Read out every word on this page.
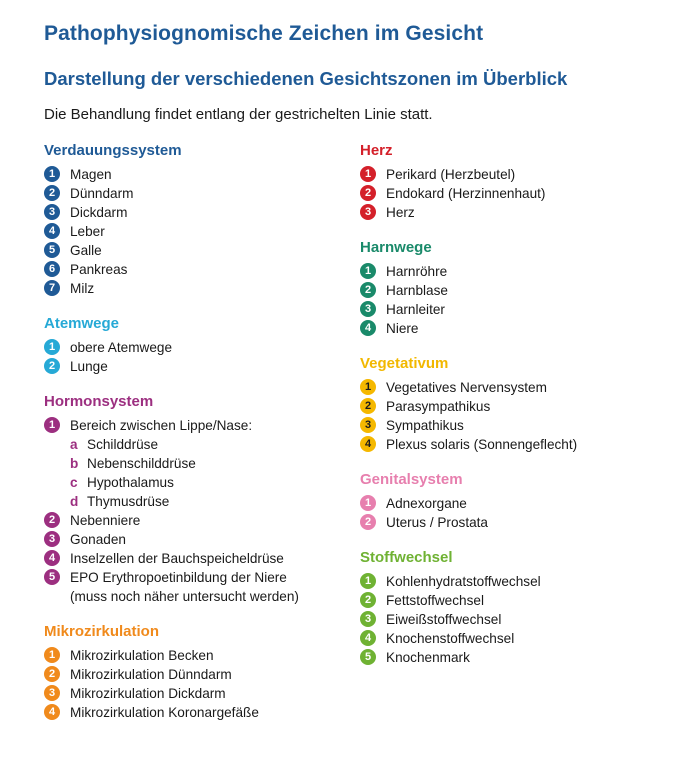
Pathophysiognomische Zeichen im Gesicht
Darstellung der verschiedenen Gesichtszonen im Überblick

Die Behandlung findet entlang der gestrichelten Linie statt.

Verdauungssystem
1	Magen
2	Dünndarm
3	Dickdarm
4	Leber
5	Galle
6	Pankreas
7	Milz
Atemwege
1	obere Atemwege
2	Lunge
Hormonsystem
1	Bereich zwischen Lippe/Nase:
a Schilddrüse
b Nebenschilddrüse
c Hypothalamus
d Thymusdrüse
2	Nebenniere
3	Gonaden
4	Inselzellen der Bauchspeicheldrüse
5	EPO Erythropoetinbildung der Niere
(muss noch näher untersucht werden)
Mikrozirkulation
1	Mikrozirkulation Becken
2	Mikrozirkulation Dünndarm
3	Mikrozirkulation Dickdarm
4	Mikrozirkulation Koronargefäße
Herz
1	Perikard (Herzbeutel)
2	Endokard (Herzinnenhaut)
3	Herz
Harnwege
1	Harnröhre
2	Harnblase
3	Harnleiter
4	Niere
Vegetativum
1	Vegetatives Nervensystem
2	Parasympathikus
3	Sympathikus
4	Plexus solaris (Sonnengeflecht)
Genitalsystem
1	Adnexorgane
2	Uterus / Prostata
Stoffwechsel
1	Kohlenhydratstoffwechsel
2	Fettstoffwechsel
3	Eiweißstoffwechsel
4	Knochenstoffwechsel
5	Knochenmark
